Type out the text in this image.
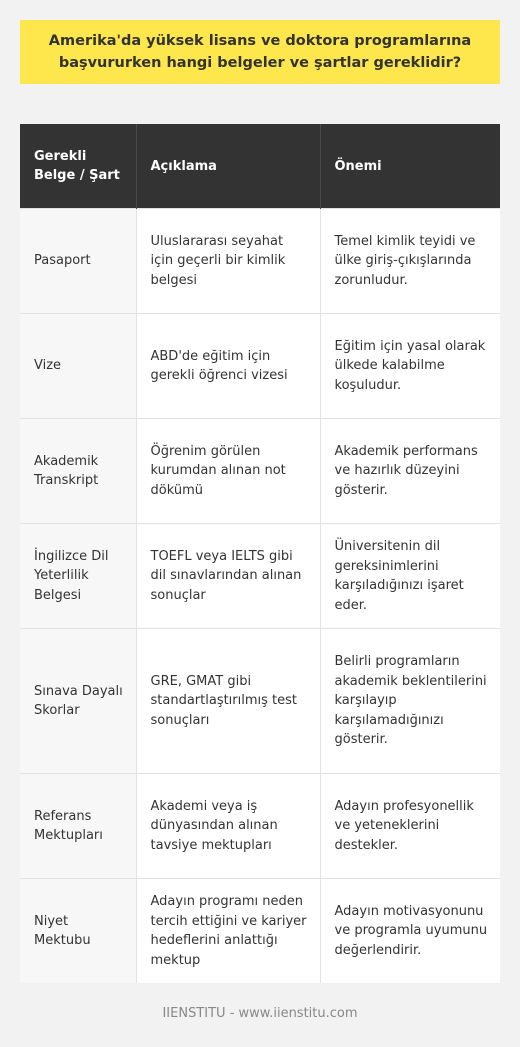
Amerika'da yüksek lisans ve doktora programlarına başvururken hangi belgeler ve şartlar gereklidir?
Gerekli Belge / Şart	Açıklama	Önemi
Pasaport	Uluslararası seyahat için geçerli bir kimlik belgesi	Temel kimlik teyidi ve ülke giriş-çıkışlarında zorunludur.
Vize	ABD'de eğitim için gerekli öğrenci vizesi	Eğitim için yasal olarak ülkede kalabilme koşuludur.
Akademik Transkript	Öğrenim görülen kurumdan alınan not dökümü	Akademik performans ve hazırlık düzeyini gösterir.
İngilizce Dil Yeterlilik Belgesi	TOEFL veya IELTS gibi dil sınavlarından alınan sonuçlar	Üniversitenin dil gereksinimlerini karşıladığınızı işaret eder.
Sınava Dayalı Skorlar	GRE, GMAT gibi standartlaştırılmış test sonuçları	Belirli programların akademik beklentilerini karşılayıp karşılamadığınızı gösterir.
Referans Mektupları	Akademi veya iş dünyasından alınan tavsiye mektupları	Adayın profesyonellik ve yeteneklerini destekler.
Niyet Mektubu	Adayın programı neden tercih ettiğini ve kariyer hedeflerini anlattığı mektup	Adayın motivasyonunu ve programla uyumunu değerlendirir.
IIENSTITU - www.iienstitu.com
